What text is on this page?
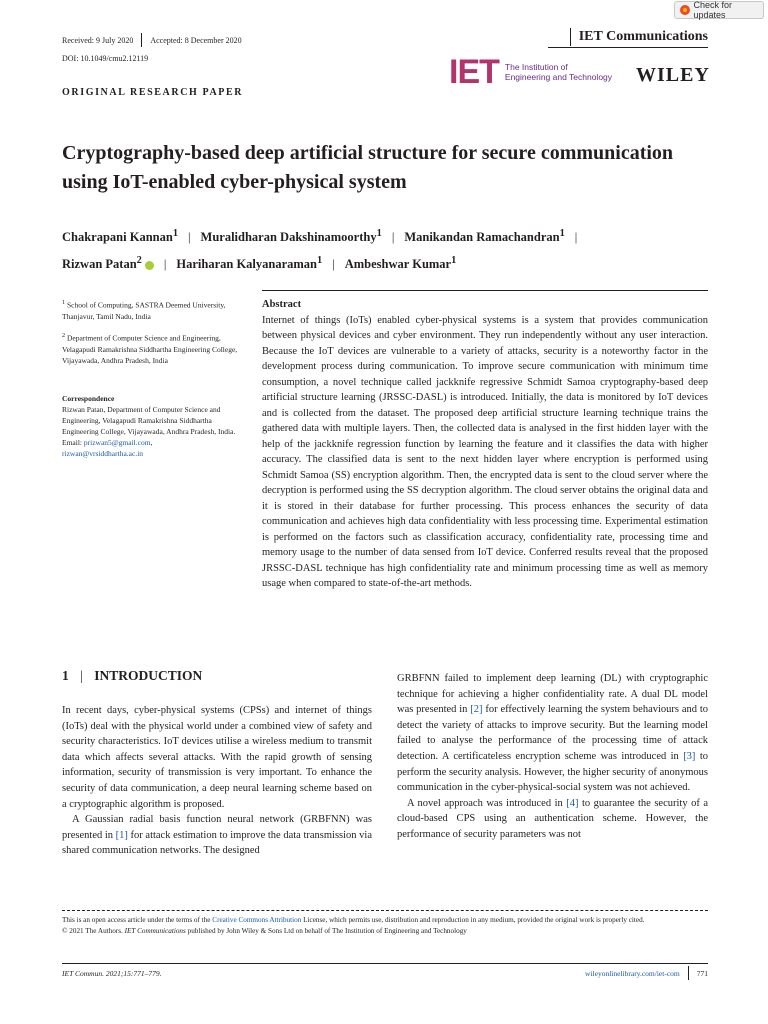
Check for updates
Received: 9 July 2020 Accepted: 8 December 2020
DOI: 10.1049/cmu2.12119
IET Communications
IET The Institution of
Engineering and Technology WILEY
ORIGINAL RESEARCH PAPER
Cryptography-based deep artificial structure for secure communication using IoT-enabled cyber-physical system
Chakrapani Kannan$^1$ | Muralidharan Dakshinamoorthy$^1$ | Manikandan Ramachandran$^1$ |
Rizwan Patan$^2$ | Hariharan Kalyanaraman$^1$ | Ambeshwar Kumar$^1$
$^1$ School of Computing, SASTRA Deemed University, Thanjavur, Tamil Nadu, India
$^2$ Department of Computer Science and Engineering, Velagapudi Ramakrishna Siddhartha Engineering College, Vijayawada, Andhra Pradesh, India
Correspondence
Rizwan Patan, Department of Computer Science and Engineering, Velagapudi Ramakrishna Siddhartha Engineering College, Vijayawada, Andhra Pradesh, India.
Email: prizwan5@gmail.com,
rizwan@vrsiddhartha.ac.in
Abstract
Internet of things (IoTs) enabled cyber-physical systems is a system that provides communication between physical devices and cyber environment. They run independently without any user interaction. Because the IoT devices are vulnerable to a variety of attacks, security is a noteworthy factor in the development process during communication. To improve secure communication with minimum time consumption, a novel technique called jackknife regressive Schmidt Samoa cryptography-based deep artificial structure learning (JRSSC-DASL) is introduced. Initially, the data is monitored by IoT devices and is collected from the dataset. The proposed deep artificial structure learning technique trains the gathered data with multiple layers. Then, the collected data is analysed in the first hidden layer with the help of the jackknife regression function by learning the feature and it classifies the data with higher accuracy. The classified data is sent to the next hidden layer where encryption is performed using Schmidt Samoa (SS) encryption algorithm. Then, the encrypted data is sent to the cloud server where the decryption is performed using the SS decryption algorithm. The cloud server obtains the original data and it is stored in their database for further processing. This process enhances the security of data communication and achieves high data confidentiality with less processing time. Experimental estimation is performed on the factors such as classification accuracy, confidentiality rate, processing time and memory usage to the number of data sensed from IoT device. Conferred results reveal that the proposed JRSSC-DASL technique has high confidentiality rate and minimum processing time as well as memory usage when compared to state-of-the-art methods.
1 | INTRODUCTION

In recent days, cyber-physical systems (CPSs) and internet of things (IoTs) deal with the physical world under a combined view of safety and security characteristics. IoT devices utilise a wireless medium to transmit data which affects several attacks. With the rapid growth of sensing information, security of transmission is very important. To enhance the security of data communication, a deep neural learning scheme based on a cryptographic algorithm is proposed.

A Gaussian radial basis function neural network (GRBFNN) was presented in [1] for attack estimation to improve the data transmission via shared communication networks. The designed

GRBFNN failed to implement deep learning (DL) with cryptographic technique for achieving a higher confidentiality rate. A dual DL model was presented in [2] for effectively learning the system behaviours and to detect the variety of attacks to improve security. But the learning model failed to analyse the performance of the processing time of attack detection. A certificateless encryption scheme was introduced in [3] to perform the security analysis. However, the higher security of anonymous communication in the cyber-physical-social system was not achieved.

A novel approach was introduced in [4] to guarantee the security of a cloud-based CPS using an authentication scheme. However, the performance of security parameters was not

This is an open access article under the terms of the Creative Commons Attribution License, which permits use, distribution and reproduction in any medium, provided the original work is properly cited.
© 2021 The Authors. IET Communications published by John Wiley & Sons Ltd on behalf of The Institution of Engineering and Technology
IET Commun. 2021;15:771–779.	wileyonlinelibrary.com/iet-com 771
